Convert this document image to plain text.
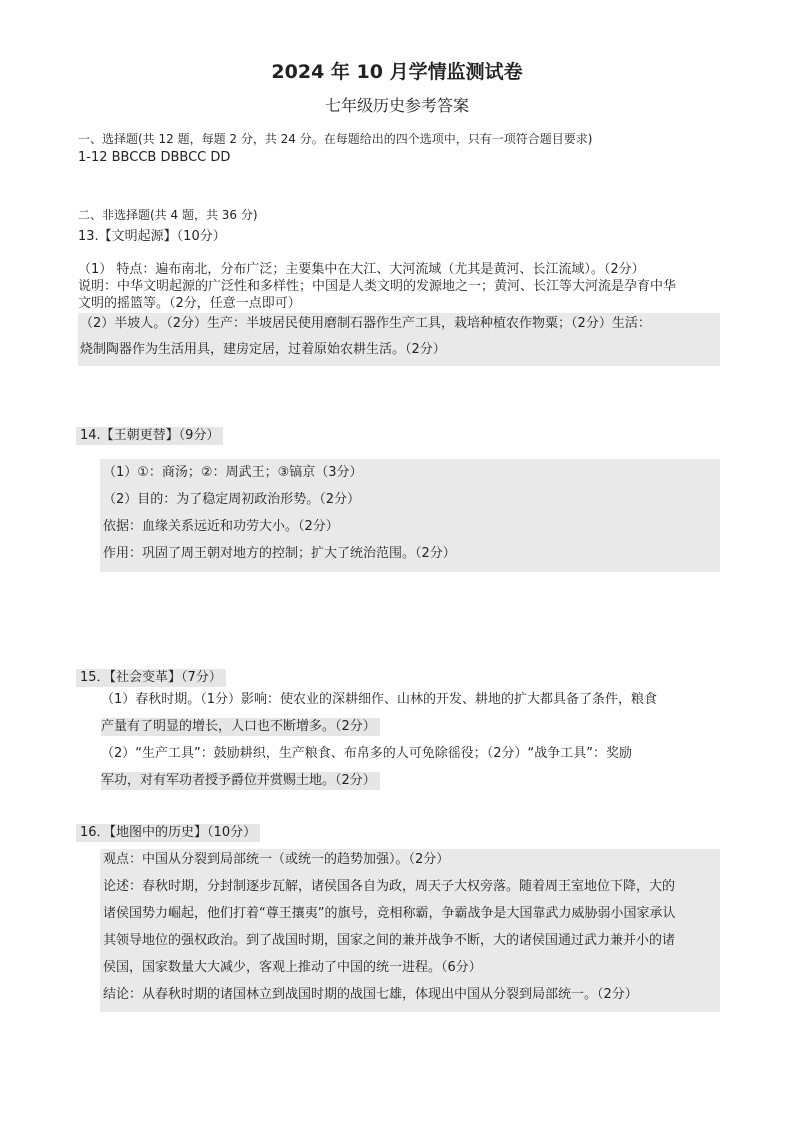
2024 年 10 月学情监测试卷
七年级历史参考答案
一、选择题(共 12 题，每题 2 分，共 24 分。在每题给出的四个选项中，只有一项符合题目要求)
1-12 BBCCB DBBCC DD
二、非选择题(共 4 题，共 36 分)
13.【文明起源】（10分）
（1） 特点：遍布南北，分布广泛；主要集中在大江、大河流域（尤其是黄河、长江流域）。（2分）
说明：中华文明起源的广泛性和多样性；中国是人类文明的发源地之一；黄河、长江等大河流是孕育中华
文明的摇篮等。（2分，任意一点即可）
（2）半坡人。（2分）生产：半坡居民使用磨制石器作生产工具，栽培种植农作物粟；（2分）生活：
烧制陶器作为生活用具，建房定居，过着原始农耕生活。（2分）
14.【王朝更替】（9分）
（1）①：商汤；②：周武王；③镐京（3分）
（2）目的：为了稳定周初政治形势。（2分）
依据：血缘关系远近和功劳大小。（2分）
作用：巩固了周王朝对地方的控制；扩大了统治范围。（2分）
15．【社会变革】（7分）
（1）春秋时期。（1分）影响：使农业的深耕细作、山林的开发、耕地的扩大都具备了条件，粮食
产量有了明显的增长，人口也不断增多。（2分）
（2）“生产工具”：鼓励耕织，生产粮食、布帛多的人可免除徭役；（2分）“战争工具”：奖励
军功，对有军功者授予爵位并赏赐土地。（2分）
16．【地图中的历史】（10分）
观点：中国从分裂到局部统一（或统一的趋势加强）。（2分）
论述：春秋时期，分封制逐步瓦解，诸侯国各自为政，周天子大权旁落。随着周王室地位下降，大的
诸侯国势力崛起，他们打着“尊王攘夷”的旗号，竞相称霸，争霸战争是大国靠武力威胁弱小国家承认
其领导地位的强权政治。到了战国时期，国家之间的兼并战争不断，大的诸侯国通过武力兼并小的诸
侯国，国家数量大大减少，客观上推动了中国的统一进程。（6分）
结论：从春秋时期的诸国林立到战国时期的战国七雄，体现出中国从分裂到局部统一。（2分）
